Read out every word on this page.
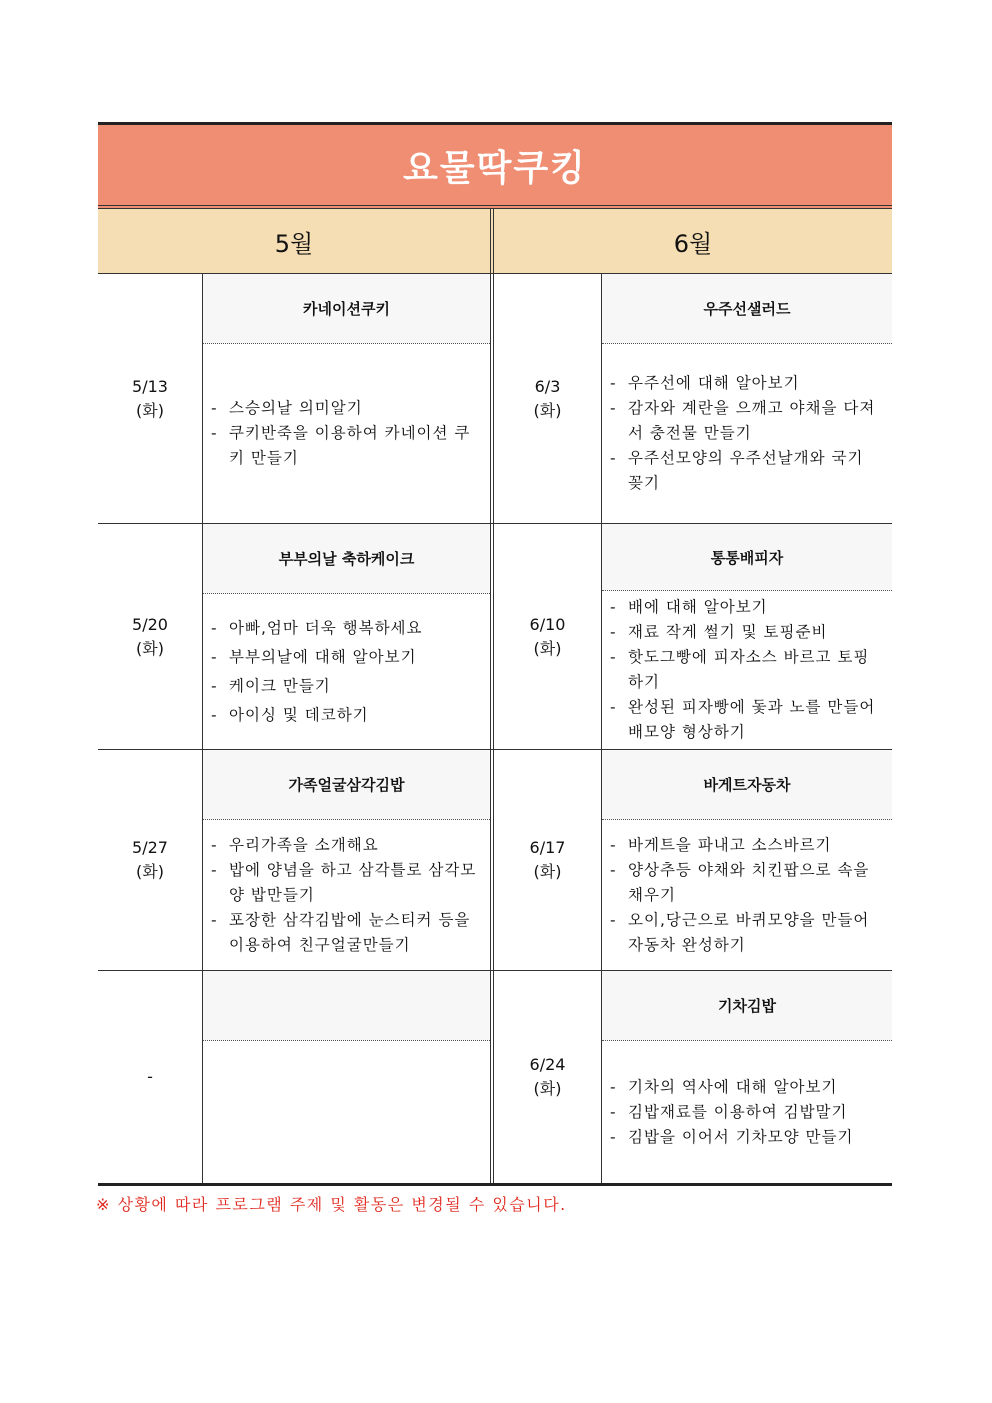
요물딱쿠킹
5월	6월
5/13
(화)
카네이션쿠키
- 스승의날 의미알기
- 쿠키반죽을 이용하여 카네이션 쿠키 만들기
6/3
(화)
우주선샐러드
- 우주선에 대해 알아보기
- 감자와 계란을 으깨고 야채을 다져서 충전물 만들기
- 우주선모양의 우주선날개와 국기 꽂기
5/20
(화)
부부의날 축하케이크
- 아빠,엄마 더욱 행복하세요
- 부부의날에 대해 알아보기
- 케이크 만들기
- 아이싱 및 데코하기
6/10
(화)
통통배피자
- 배에 대해 알아보기
- 재료 작게 썰기 및 토핑준비
- 핫도그빵에 피자소스 바르고 토핑하기
- 완성된 피자빵에 돛과 노를 만들어 배모양 형상하기
5/27
(화)
가족얼굴삼각김밥
- 우리가족을 소개해요
- 밥에 양념을 하고 삼각틀로 삼각모양 밥만들기
- 포장한 삼각김밥에 눈스티커 등을 이용하여 친구얼굴만들기
6/17
(화)
바게트자동차
- 바게트을 파내고 소스바르기
- 양상추등 야채와 치킨팝으로 속을 채우기
- 오이,당근으로 바퀴모양을 만들어 자동차 완성하기
-
6/24
(화)
기차김밥
- 기차의 역사에 대해 알아보기
- 김밥재료를 이용하여 김밥말기
- 김밥을 이어서 기차모양 만들기
※ 상황에 따라 프로그램 주제 및 활동은 변경될 수 있습니다.
